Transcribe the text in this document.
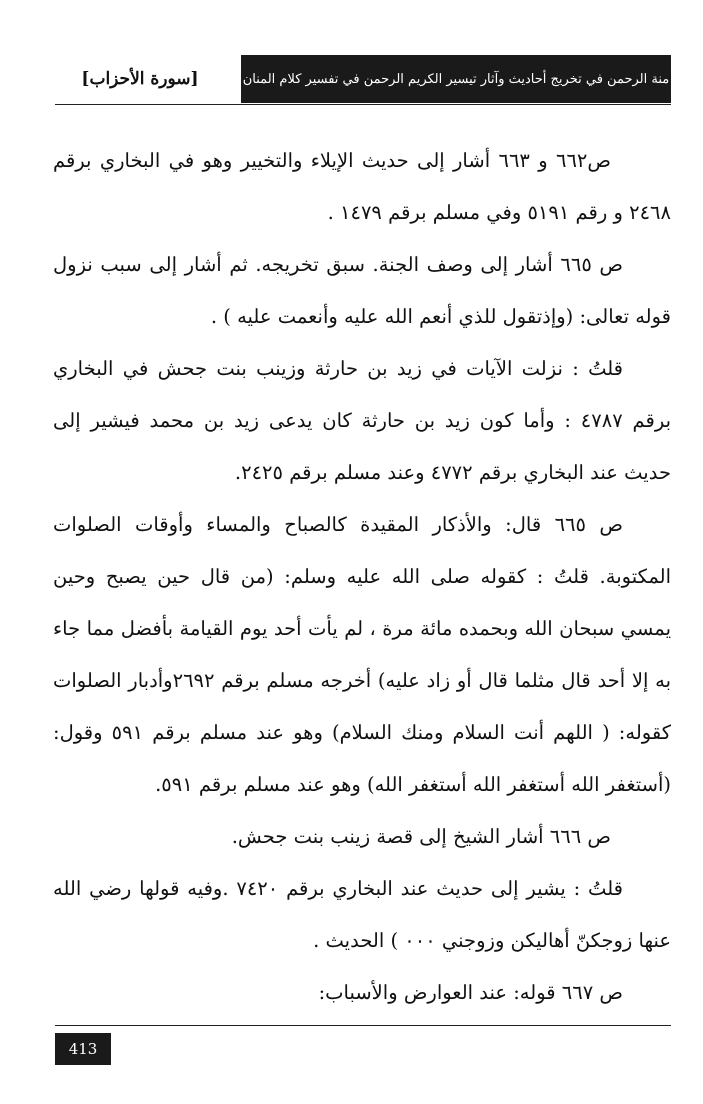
منة الرحمن في تخريج أحاديث وآثار تيسير الكريم الرحمن في تفسير كلام المنان
[سورة الأحزاب]

ص٦٦٢ و ٦٦٣ أشار إلى حديث الإيلاء والتخيير وهو في البخاري برقم ٢٤٦٨ و رقم ٥١٩١ وفي مسلم برقم ١٤٧٩ .

ص ٦٦٥ أشار إلى وصف الجنة. سبق تخريجه. ثم أشار إلى سبب نزول قوله تعالى: (وإذتقول للذي أنعم الله عليه وأنعمت عليه ) .

قلتُ : نزلت الآيات في زيد بن حارثة وزينب بنت جحش في البخاري برقم ٤٧٨٧ : وأما كون زيد بن حارثة كان يدعى زيد بن محمد فيشير إلى حديث عند البخاري برقم ٤٧٧٢ وعند مسلم برقم ٢٤٢٥.

ص ٦٦٥ قال: والأذكار المقيدة كالصباح والمساء وأوقات الصلوات المكتوبة. قلتُ : كقوله صلى الله عليه وسلم: (من قال حين يصبح وحين يمسي سبحان الله وبحمده مائة مرة ، لم يأت أحد يوم القيامة بأفضل مما جاء به إلا أحد قال مثلما قال أو زاد عليه) أخرجه مسلم برقم ٢٦٩٢وأدبار الصلوات كقوله: ( اللهم أنت السلام ومنك السلام) وهو عند مسلم برقم ٥٩١ وقول:(أستغفر الله أستغفر الله أستغفر الله) وهو عند مسلم برقم ٥٩١.

ص ٦٦٦ أشار الشيخ إلى قصة زينب بنت جحش.

قلتُ : يشير إلى حديث عند البخاري برقم ٧٤٢٠ .وفيه قولها رضي الله عنها زوجكنّ أهاليكن وزوجني ٠٠٠ ) الحديث .

ص ٦٦٧ قوله: عند العوارض والأسباب:

413
